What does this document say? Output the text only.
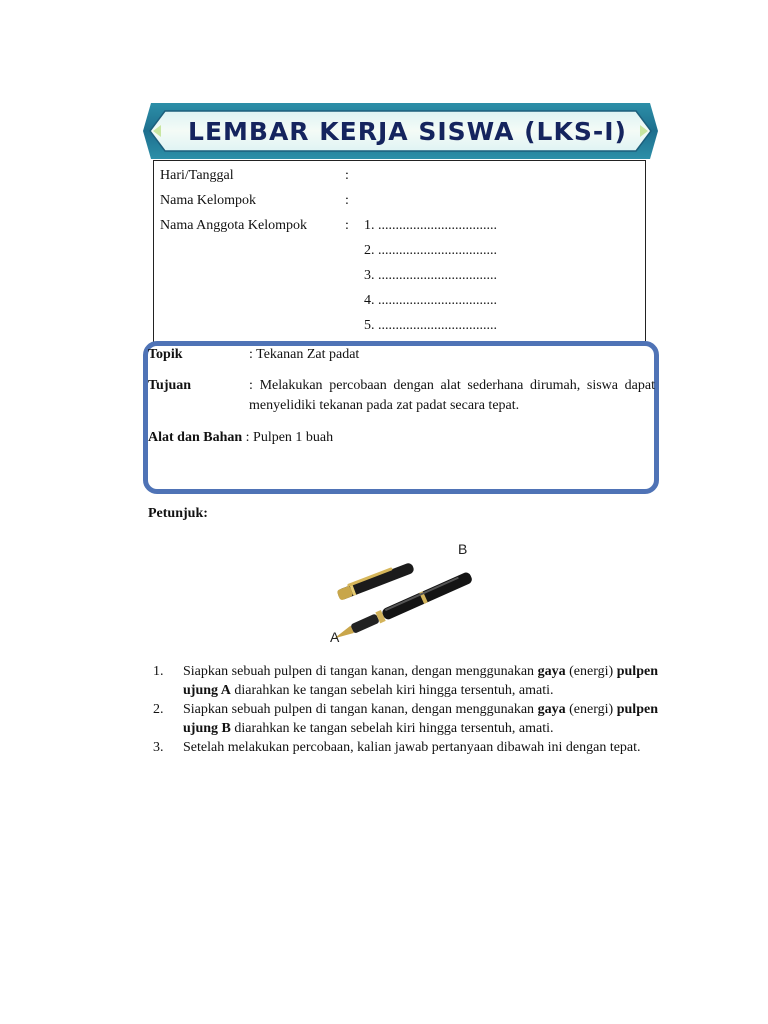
LEMBAR KERJA SISWA (LKS-I)
Hari/Tanggal	:
Nama Kelompok	:
Nama Anggota Kelompok	: 1. ..................................
2. ..................................
3. ..................................
4. ..................................
5. ..................................
Topik	: Tekanan Zat padat
Tujuan	: Melakukan percobaan dengan alat sederhana dirumah, siswa dapat menyelidiki tekanan pada zat padat secara tepat.
Alat dan Bahan : Pulpen 1 buah
Petunjuk:
A
B
1. Siapkan sebuah pulpen di tangan kanan, dengan menggunakan gaya (energi) pulpen ujung A diarahkan ke tangan sebelah kiri hingga tersentuh, amati.
2. Siapkan sebuah pulpen di tangan kanan, dengan menggunakan gaya (energi) pulpen ujung B diarahkan ke tangan sebelah kiri hingga tersentuh, amati.
3. Setelah melakukan percobaan, kalian jawab pertanyaan dibawah ini dengan tepat.
